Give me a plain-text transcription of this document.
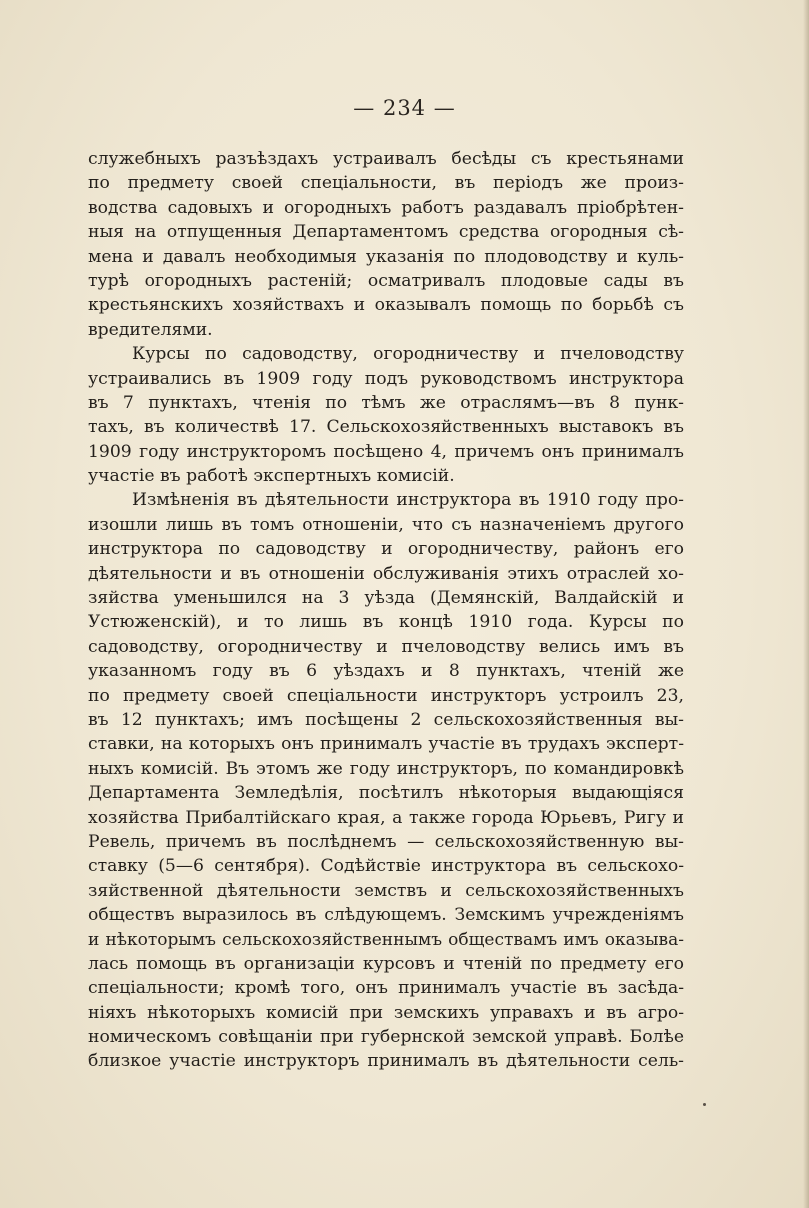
— 234 —
служебныхъ разъѣздахъ устраивалъ бесѣды съ крестьянами
по предмету своей спеціальности, въ періодъ же произ-
водства садовыхъ и огородныхъ работъ раздавалъ пріобрѣтен-
ныя на отпущенныя Департаментомъ средства огородныя сѣ-
мена и давалъ необходимыя указанія по плодоводству и куль-
турѣ огородныхъ растеній; осматривалъ плодовые сады въ
крестьянскихъ хозяйствахъ и оказывалъ помощь по борьбѣ съ
вредителями.
Курсы по садоводству, огородничеству и пчеловодству
устраивались въ 1909 году подъ руководствомъ инструктора
въ 7 пунктахъ, чтенія по тѣмъ же отраслямъ—въ 8 пунк-
тахъ, въ количествѣ 17. Сельскохозяйственныхъ выставокъ въ
1909 году инструкторомъ посѣщено 4, причемъ онъ принималъ
участіе въ работѣ экспертныхъ комисій.
Измѣненія въ дѣятельности инструктора въ 1910 году про-
изошли лишь въ томъ отношеніи, что съ назначеніемъ другого
инструктора по садоводству и огородничеству, районъ его
дѣятельности и въ отношеніи обслуживанія этихъ отраслей хо-
зяйства уменьшился на 3 уѣзда (Демянскій, Валдайскій и
Устюженскій), и то лишь въ концѣ 1910 года. Курсы по
садоводству, огородничеству и пчеловодству велись имъ въ
указанномъ году въ 6 уѣздахъ и 8 пунктахъ, чтеній же
по предмету своей спеціальности инструкторъ устроилъ 23,
въ 12 пунктахъ; имъ посѣщены 2 сельскохозяйственныя вы-
ставки, на которыхъ онъ принималъ участіе въ трудахъ эксперт-
ныхъ комисій. Въ этомъ же году инструкторъ, по командировкѣ
Департамента Земледѣлія, посѣтилъ нѣкоторыя выдающіяся
хозяйства Прибалтійскаго края, а также города Юрьевъ, Ригу и
Ревель, причемъ въ послѣднемъ — сельскохозяйственную вы-
ставку (5—6 сентября). Содѣйствіе инструктора въ сельскохо-
зяйственной дѣятельности земствъ и сельскохозяйственныхъ
обществъ выразилось въ слѣдующемъ. Земскимъ учрежденіямъ
и нѣкоторымъ сельскохозяйственнымъ обществамъ имъ оказыва-
лась помощь въ организаціи курсовъ и чтеній по предмету его
спеціальности; кромѣ того, онъ принималъ участіе въ засѣда-
ніяхъ нѣкоторыхъ комисій при земскихъ управахъ и въ агро-
номическомъ совѣщаніи при губернской земской управѣ. Болѣе
близкое участіе инструкторъ принималъ въ дѣятельности сель-
